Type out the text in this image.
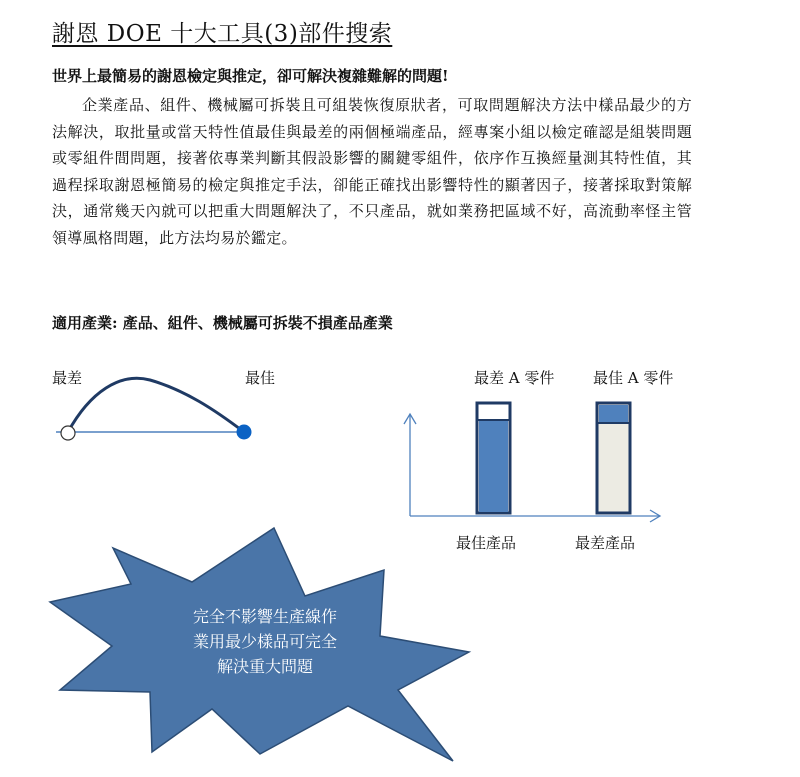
謝恩 DOE 十大工具(3)部件搜索
世界上最簡易的謝恩檢定與推定，卻可解決複雜難解的問題!
企業產品、組件、機械屬可拆裝且可組裝恢復原狀者，可取問題解決方法中樣品最少的方法解決，取批量或當天特性值最佳與最差的兩個極端產品，經專案小組以檢定確認是組裝問題或零組件間問題，接著依專業判斷其假設影響的關鍵零組件，依序作互換經量測其特性值，其過程採取謝恩極簡易的檢定與推定手法，卻能正確找出影響特性的顯著因子，接著採取對策解決，通常幾天內就可以把重大問題解決了，不只產品，就如業務把區域不好，高流動率怪主管領導風格問題，此方法均易於鑑定。
適用產業: 產品、組件、機械屬可拆裝不損產品產業
最差	最佳	最差 A 零件	最佳 A 零件
最佳產品	最差產品
完全不影響生產線作
業用最少樣品可完全
解決重大問題
